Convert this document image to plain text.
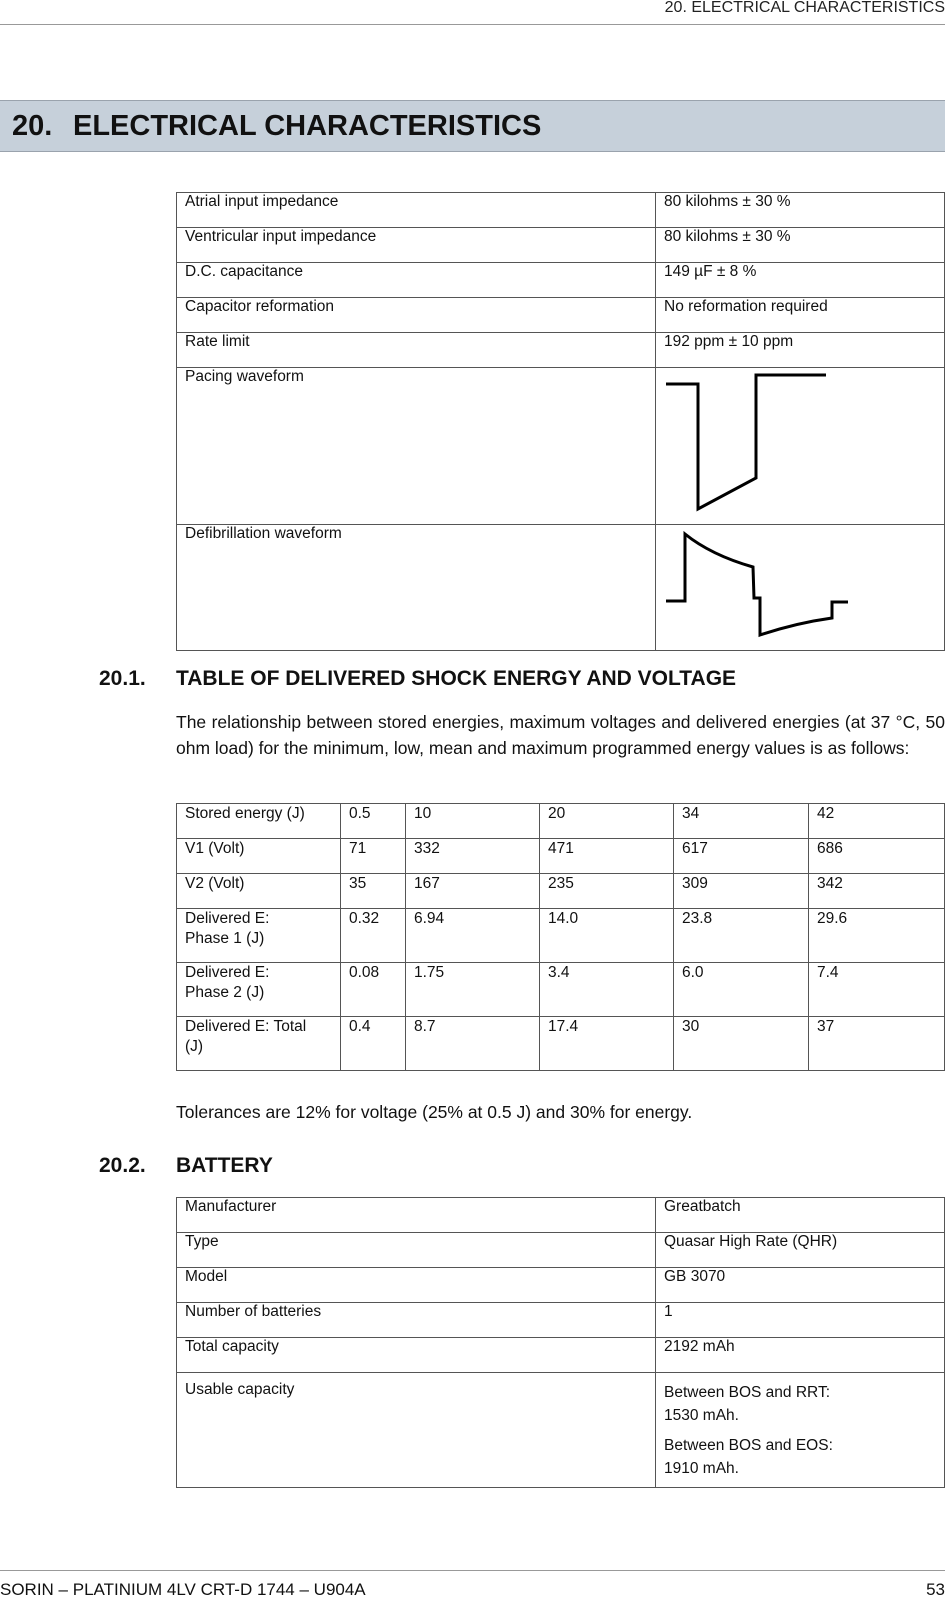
20. ELECTRICAL CHARACTERISTICS
20. ELECTRICAL CHARACTERISTICS
Atrial input impedance	80 kilohms ± 30 %
Ventricular input impedance	80 kilohms ± 30 %
D.C. capacitance	149 µF ± 8 %
Capacitor reformation	No reformation required
Rate limit	192 ppm ± 10 ppm
Pacing waveform	

Defibrillation waveform	
20.1. TABLE OF DELIVERED SHOCK ENERGY AND VOLTAGE
The relationship between stored energies, maximum voltages and delivered energies (at 37 °C, 50 ohm load) for the minimum, low, mean and maximum programmed energy values is as follows:
Stored energy (J)	0.5	10	20	34	42
V1 (Volt)	71	332	471	617	686
V2 (Volt)	35	167	235	309	342

Delivered E:
Phase 1 (J)	0.32	6.94	14.0	23.8	29.6

Delivered E:
Phase 2 (J)	0.08	1.75	3.4	6.0	7.4

Delivered E: Total
(J)	0.4	8.7	17.4	30	37
Tolerances are 12% for voltage (25% at 0.5 J) and 30% for energy.
20.2. BATTERY
Manufacturer	Greatbatch
Type	Quasar High Rate (QHR)
Model	GB 3070
Number of batteries	1
Total capacity	2192 mAh
Usable capacity	Between BOS and RRT:
1530 mAh.
Between BOS and EOS:
1910 mAh.
SORIN – PLATINIUM 4LV CRT-D 1744 – U904A	53
